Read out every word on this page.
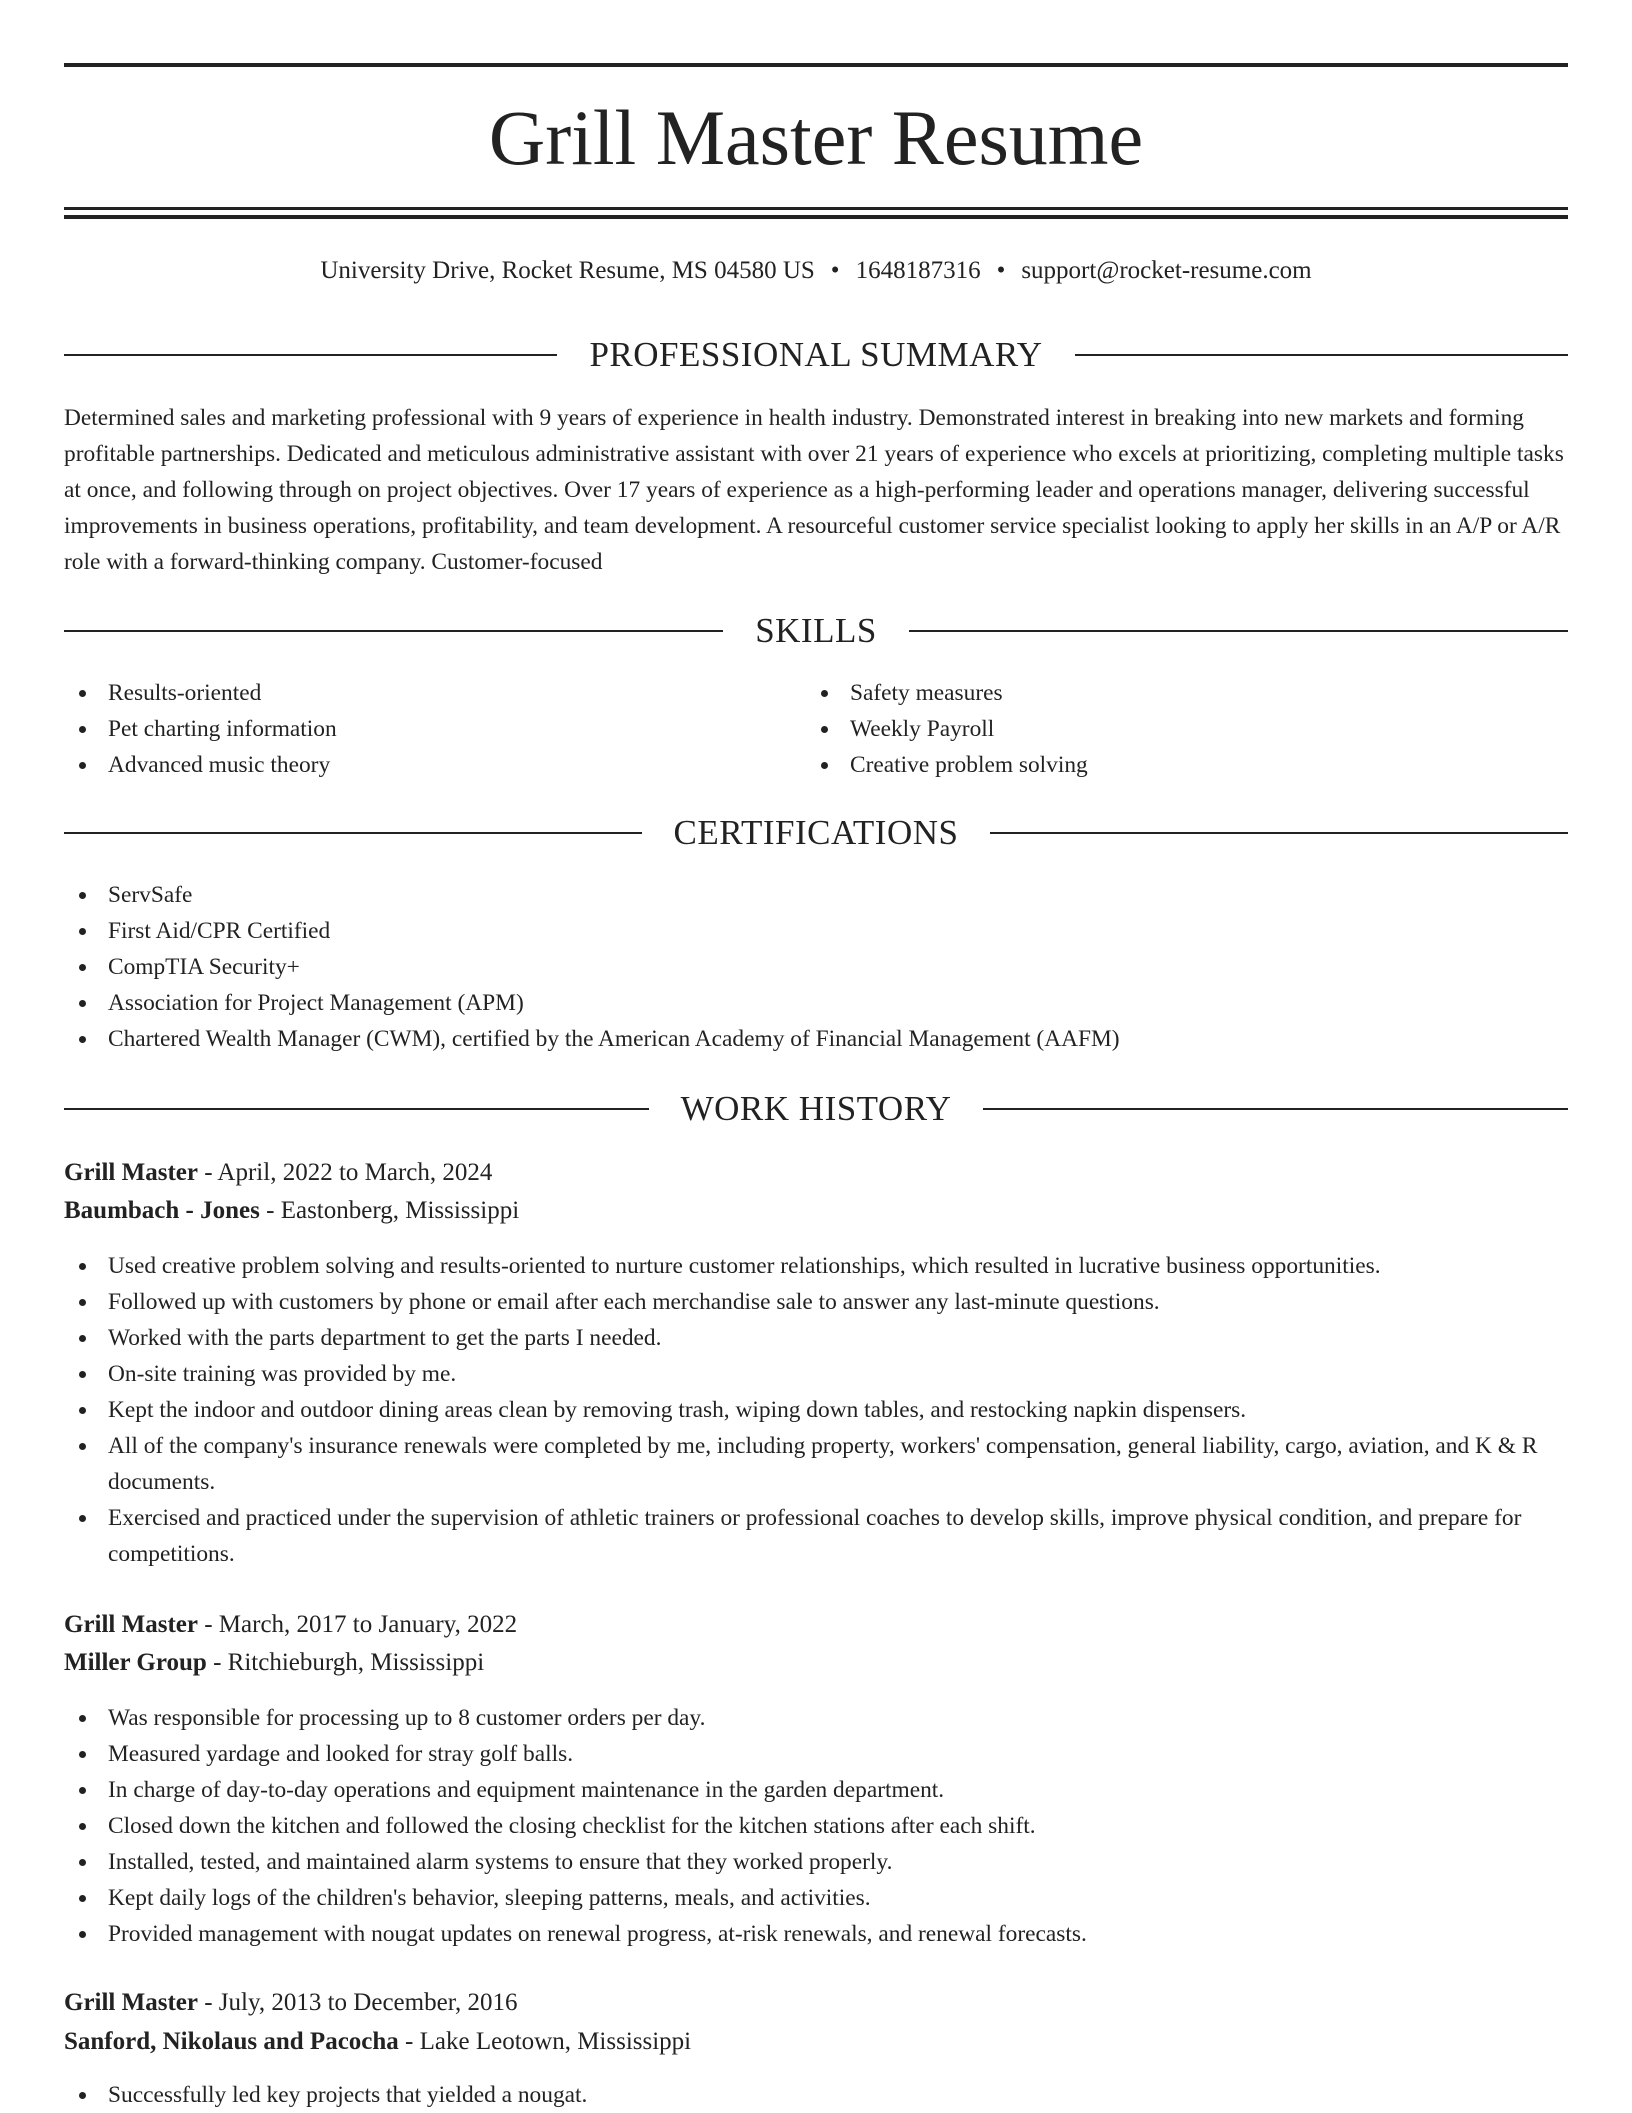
Grill Master Resume
University Drive, Rocket Resume, MS 04580 US • 1648187316 • support@rocket-resume.com
PROFESSIONAL SUMMARY

Determined sales and marketing professional with 9 years of experience in health industry. Demonstrated interest in breaking into new markets and forming profitable partnerships. Dedicated and meticulous administrative assistant with over 21 years of experience who excels at prioritizing, completing multiple tasks at once, and following through on project objectives. Over 17 years of experience as a high-performing leader and operations manager, delivering successful improvements in business operations, profitability, and team development. A resourceful customer service specialist looking to apply her skills in an A/P or A/R role with a forward-thinking company. Customer-focused

SKILLS
Results-oriented
Pet charting information
Advanced music theory
Safety measures
Weekly Payroll
Creative problem solving
CERTIFICATIONS
ServSafe
First Aid/CPR Certified
CompTIA Security+
Association for Project Management (APM)
Chartered Wealth Manager (CWM), certified by the American Academy of Financial Management (AAFM)
WORK HISTORY
Grill Master - April, 2022 to March, 2024
Baumbach - Jones - Eastonberg, Mississippi
Used creative problem solving and results-oriented to nurture customer relationships, which resulted in lucrative business opportunities.
Followed up with customers by phone or email after each merchandise sale to answer any last-minute questions.
Worked with the parts department to get the parts I needed.
On-site training was provided by me.
Kept the indoor and outdoor dining areas clean by removing trash, wiping down tables, and restocking napkin dispensers.
All of the company's insurance renewals were completed by me, including property, workers' compensation, general liability, cargo, aviation, and K & R documents.
Exercised and practiced under the supervision of athletic trainers or professional coaches to develop skills, improve physical condition, and prepare for competitions.
Grill Master - March, 2017 to January, 2022
Miller Group - Ritchieburgh, Mississippi
Was responsible for processing up to 8 customer orders per day.
Measured yardage and looked for stray golf balls.
In charge of day-to-day operations and equipment maintenance in the garden department.
Closed down the kitchen and followed the closing checklist for the kitchen stations after each shift.
Installed, tested, and maintained alarm systems to ensure that they worked properly.
Kept daily logs of the children's behavior, sleeping patterns, meals, and activities.
Provided management with nougat updates on renewal progress, at-risk renewals, and renewal forecasts.
Grill Master - July, 2013 to December, 2016
Sanford, Nikolaus and Pacocha - Lake Leotown, Mississippi
Successfully led key projects that yielded a nougat.
